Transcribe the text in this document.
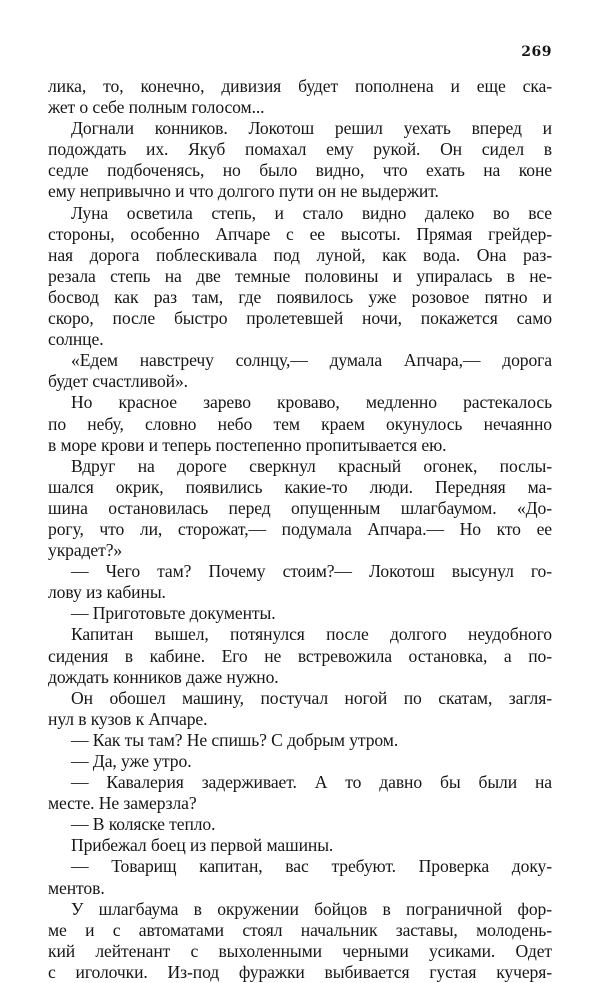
269
лика, то, конечно, дивизия будет пополнена и еще ска-
жет о себе полным голосом...
Догнали конников. Локотош решил уехать вперед и
подождать их. Якуб помахал ему рукой. Он сидел в
седле подбоченясь, но было видно, что ехать на коне
ему непривычно и что долгого пути он не выдержит.
Луна осветила степь, и стало видно далеко во все
стороны, особенно Апчаре с ее высоты. Прямая грейдер-
ная дорога поблескивала под луной, как вода. Она раз-
резала степь на две темные половины и упиралась в не-
босвод как раз там, где появилось уже розовое пятно и
скоро, после быстро пролетевшей ночи, покажется само
солнце.
«Едем навстречу солнцу,— думала Апчара,— дорога
будет счастливой».
Но красное зарево кроваво, медленно растекалось
по небу, словно небо тем краем окунулось нечаянно
в море крови и теперь постепенно пропитывается ею.
Вдруг на дороге сверкнул красный огонек, послы-
шался окрик, появились какие-то люди. Передняя ма-
шина остановилась перед опущенным шлагбаумом. «До-
рогу, что ли, сторожат,— подумала Апчара.— Но кто ее
украдет?»
— Чего там? Почему стоим?— Локотош высунул го-
лову из кабины.
— Приготовьте документы.
Капитан вышел, потянулся после долгого неудобного
сидения в кабине. Его не встревожила остановка, а по-
дождать конников даже нужно.
Он обошел машину, постучал ногой по скатам, загля-
нул в кузов к Апчаре.
— Как ты там? Не спишь? С добрым утром.
— Да, уже утро.
— Кавалерия задерживает. А то давно бы были на
месте. Не замерзла?
— В коляске тепло.
Прибежал боец из первой машины.
— Товарищ капитан, вас требуют. Проверка доку-
ментов.
У шлагбаума в окружении бойцов в пограничной фор-
ме и с автоматами стоял начальник заставы, молодень-
кий лейтенант с выхоленными черными усиками. Одет
с иголочки. Из-под фуражки выбивается густая кучеря-
